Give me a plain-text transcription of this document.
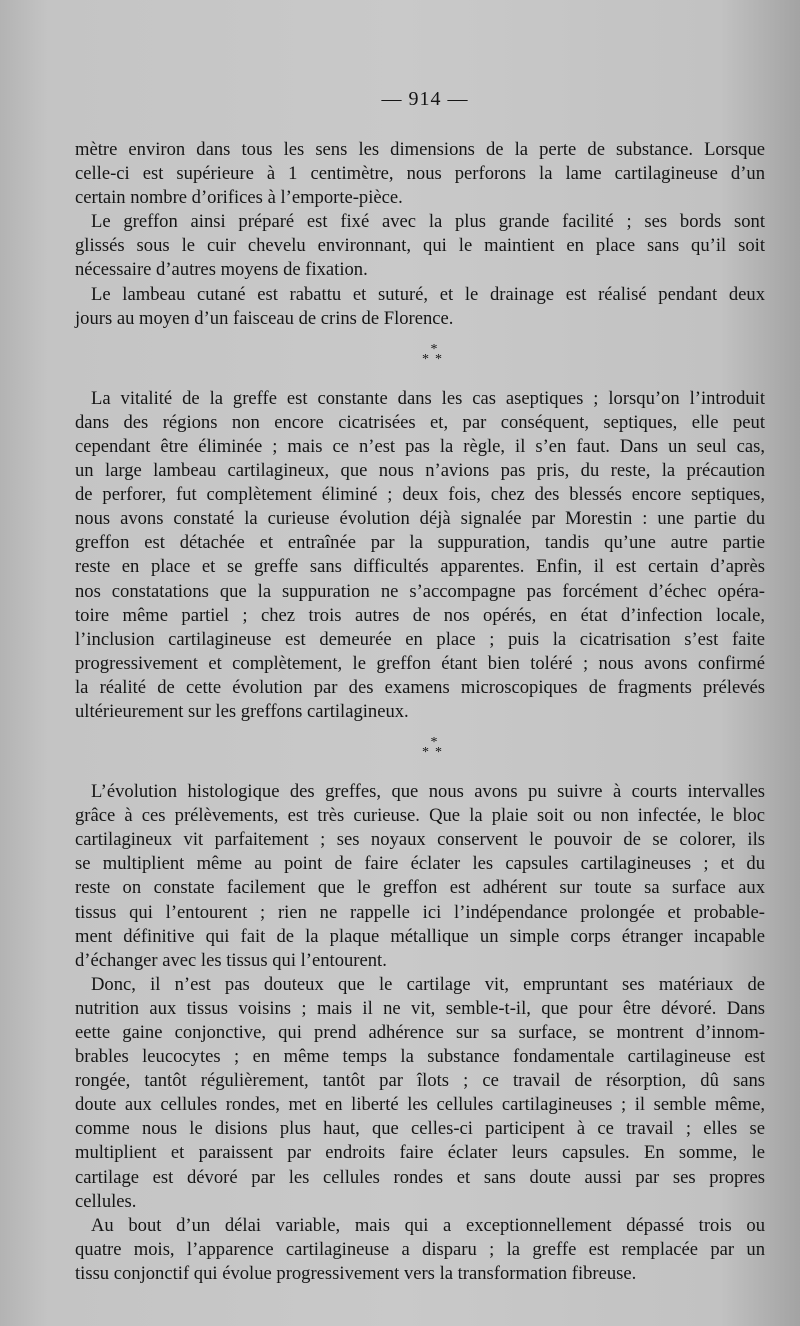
— 914 —
mètre environ dans tous les sens les dimensions de la perte de substance. Lorsque
celle-ci est supérieure à 1 centimètre, nous perforons la lame cartilagineuse d’un
certain nombre d’orifices à l’emporte-pièce.
Le greffon ainsi préparé est fixé avec la plus grande facilité ; ses bords sont
glissés sous le cuir chevelu environnant, qui le maintient en place sans qu’il soit
nécessaire d’autres moyens de fixation.
Le lambeau cutané est rabattu et suturé, et le drainage est réalisé pendant deux
jours au moyen d’un faisceau de crins de Florence.
*
**
La vitalité de la greffe est constante dans les cas aseptiques ; lorsqu’on l’introduit
dans des régions non encore cicatrisées et, par conséquent, septiques, elle peut
cependant être éliminée ; mais ce n’est pas la règle, il s’en faut. Dans un seul cas,
un large lambeau cartilagineux, que nous n’avions pas pris, du reste, la précaution
de perforer, fut complètement éliminé ; deux fois, chez des blessés encore septiques,
nous avons constaté la curieuse évolution déjà signalée par Morestin : une partie du
greffon est détachée et entraînée par la suppuration, tandis qu’une autre partie
reste en place et se greffe sans difficultés apparentes. Enfin, il est certain d’après
nos constatations que la suppuration ne s’accompagne pas forcément d’échec opéra-
toire même partiel ; chez trois autres de nos opérés, en état d’infection locale,
l’inclusion cartilagineuse est demeurée en place ; puis la cicatrisation s’est faite
progressivement et complètement, le greffon étant bien toléré ; nous avons confirmé
la réalité de cette évolution par des examens microscopiques de fragments prélevés
ultérieurement sur les greffons cartilagineux.
*
**
L’évolution histologique des greffes, que nous avons pu suivre à courts intervalles
grâce à ces prélèvements, est très curieuse. Que la plaie soit ou non infectée, le bloc
cartilagineux vit parfaitement ; ses noyaux conservent le pouvoir de se colorer, ils
se multiplient même au point de faire éclater les capsules cartilagineuses ; et du
reste on constate facilement que le greffon est adhérent sur toute sa surface aux
tissus qui l’entourent ; rien ne rappelle ici l’indépendance prolongée et probable-
ment définitive qui fait de la plaque métallique un simple corps étranger incapable
d’échanger avec les tissus qui l’entourent.
Donc, il n’est pas douteux que le cartilage vit, empruntant ses matériaux de
nutrition aux tissus voisins ; mais il ne vit, semble-t-il, que pour être dévoré. Dans
eette gaine conjonctive, qui prend adhérence sur sa surface, se montrent d’innom-
brables leucocytes ; en même temps la substance fondamentale cartilagineuse est
rongée, tantôt régulièrement, tantôt par îlots ; ce travail de résorption, dû sans
doute aux cellules rondes, met en liberté les cellules cartilagineuses ; il semble même,
comme nous le disions plus haut, que celles-ci participent à ce travail ; elles se
multiplient et paraissent par endroits faire éclater leurs capsules. En somme, le
cartilage est dévoré par les cellules rondes et sans doute aussi par ses propres
cellules.
Au bout d’un délai variable, mais qui a exceptionnellement dépassé trois ou
quatre mois, l’apparence cartilagineuse a disparu ; la greffe est remplacée par un
tissu conjonctif qui évolue progressivement vers la transformation fibreuse.
